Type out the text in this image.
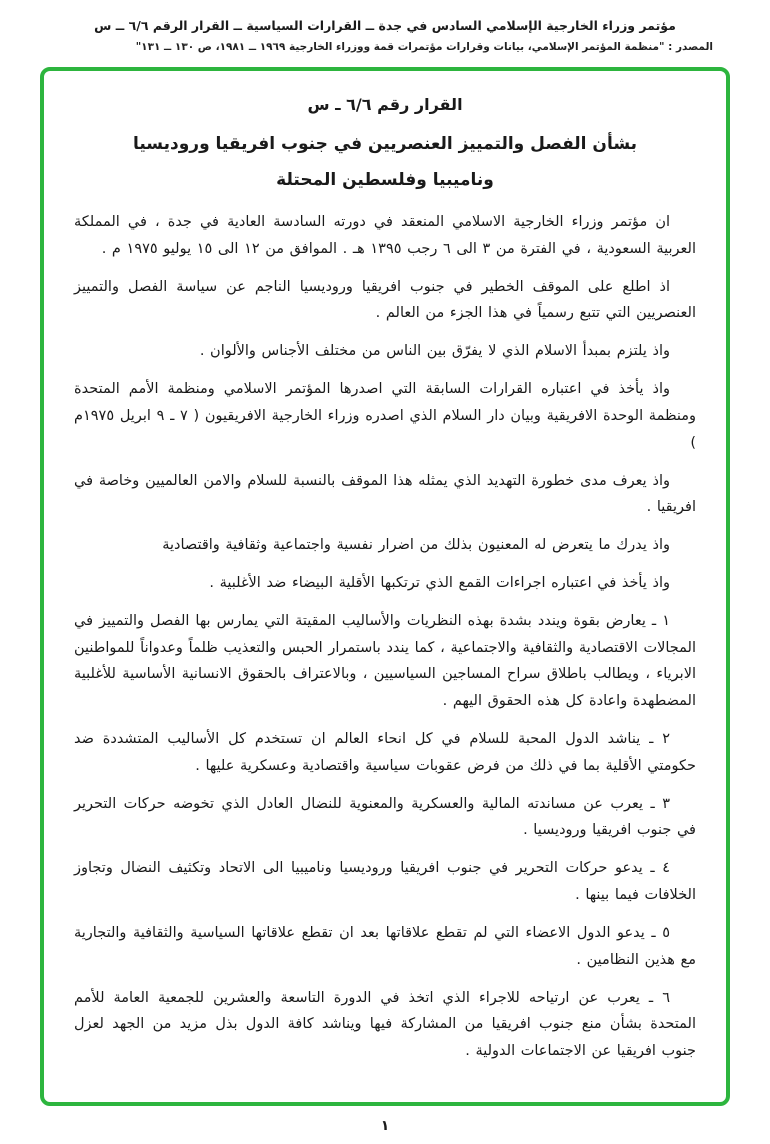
مؤتمر وزراء الخارجية الإسلامي السادس في جدة ــ القرارات السياسية ــ القرار الرقم ٦/٦ ــ س
المصدر : "منظمة المؤتمر الإسلامي، بيانات وقرارات مؤتمرات قمة ووزراء الخارجية ١٩٦٩ ــ ١٩٨١، ص ١٣٠ ــ ١٣١"
القرار رقم ٦/٦ ـ س
بشأن الفصل والتمييز العنصريين في جنوب افريقيا وروديسيا
وناميبيا وفلسطين المحتلة

ان مؤتمر وزراء الخارجية الاسلامي المنعقد في دورته السادسة العادية في جدة ، في المملكة العربية السعودية ، في الفترة من ٣ الى ٦ رجب ١٣٩٥ هـ . الموافق من ١٢ الى ١٥ يوليو ١٩٧٥ م .

اذ اطلع على الموقف الخطير في جنوب افريقيا وروديسيا الناجم عن سياسة الفصل والتمييز العنصريين التي تتبع رسمياً في هذا الجزء من العالم .

واذ يلتزم بمبدأ الاسلام الذي لا يفرّق بين الناس من مختلف الأجناس والألوان .

واذ يأخذ في اعتباره القرارات السابقة التي اصدرها المؤتمر الاسلامي ومنظمة الأمم المتحدة ومنظمة الوحدة الافريقية وبيان دار السلام الذي اصدره وزراء الخارجية الافريقيون ( ٧ ـ ٩ ابريل ١٩٧٥م )

واذ يعرف مدى خطورة التهديد الذي يمثله هذا الموقف بالنسبة للسلام والامن العالميين وخاصة في افريقيا .

واذ يدرك ما يتعرض له المعنيون بذلك من اضرار نفسية واجتماعية وثقافية واقتصادية

واذ يأخذ في اعتباره اجراءات القمع الذي ترتكبها الأقلية البيضاء ضد الأغلبية .

١ ـ يعارض بقوة ويندد بشدة بهذه النظريات والأساليب المقيتة التي يمارس بها الفصل والتمييز في المجالات الاقتصادية والثقافية والاجتماعية ، كما يندد باستمرار الحبس والتعذيب ظلماً وعدواناً للمواطنين الابرياء ، ويطالب باطلاق سراح المساجين السياسيين ، وبالاعتراف بالحقوق الانسانية الأساسية للأغلبية المضطهدة واعادة كل هذه الحقوق اليهم .

٢ ـ يناشد الدول المحبة للسلام في كل انحاء العالم ان تستخدم كل الأساليب المتشددة ضد حكومتي الأقلية بما في ذلك من فرض عقوبات سياسية واقتصادية وعسكرية عليها .

٣ ـ يعرب عن مساندته المالية والعسكرية والمعنوية للنضال العادل الذي تخوضه حركات التحرير في جنوب افريقيا وروديسيا .

٤ ـ يدعو حركات التحرير في جنوب افريقيا وروديسيا وناميبيا الى الاتحاد وتكثيف النضال وتجاوز الخلافات فيما بينها .

٥ ـ يدعو الدول الاعضاء التي لم تقطع علاقاتها بعد ان تقطع علاقاتها السياسية والثقافية والتجارية مع هذين النظامين .

٦ ـ يعرب عن ارتياحه للاجراء الذي اتخذ في الدورة التاسعة والعشرين للجمعية العامة للأمم المتحدة بشأن منع جنوب افريقيا من المشاركة فيها ويناشد كافة الدول بذل مزيد من الجهد لعزل جنوب افريقيا عن الاجتماعات الدولية .

١
